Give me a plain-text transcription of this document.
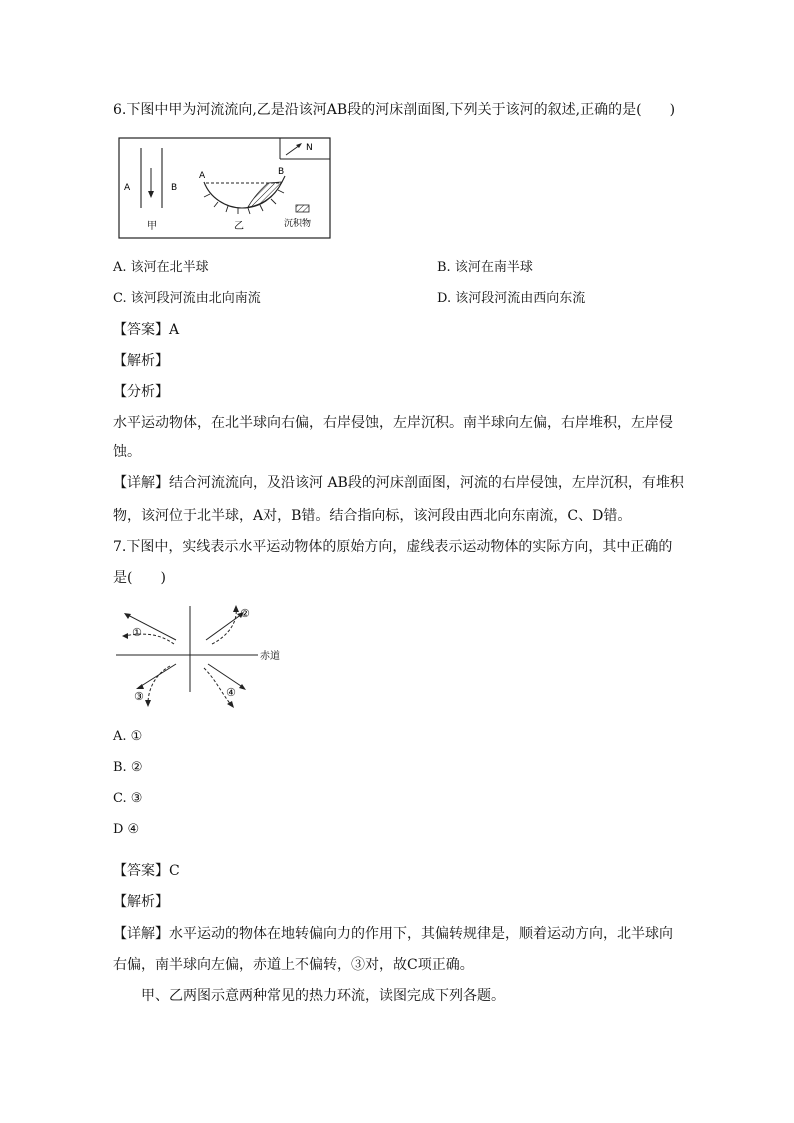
6.下图中甲为河流流向,乙是沿该河AB段的河床剖面图,下列关于该河的叙述,正确的是(　　)
A	B
甲
A	B
乙
N
沉积物
A. 该河在北半球	B. 该河在南半球
C. 该河段河流由北向南流	D. 该河段河流由西向东流
【答案】A
【解析】
【分析】
水平运动物体，在北半球向右偏，右岸侵蚀，左岸沉积。南半球向左偏，右岸堆积，左岸侵
蚀。
【详解】结合河流流向，及沿该河 AB段的河床剖面图，河流的右岸侵蚀，左岸沉积，有堆积
物，该河位于北半球，A对，B错。结合指向标，该河段由西北向东南流，C、D错。
7.下图中，实线表示水平运动物体的原始方向，虚线表示运动物体的实际方向，其中正确的
是(　　)
赤道
①
②
③	④
A. ①
B. ②
C. ③
D ④
【答案】C
【解析】
【详解】水平运动的物体在地转偏向力的作用下，其偏转规律是，顺着运动方向，北半球向
右偏，南半球向左偏，赤道上不偏转，③对，故C项正确。
甲、乙两图示意两种常见的热力环流，读图完成下列各题。
